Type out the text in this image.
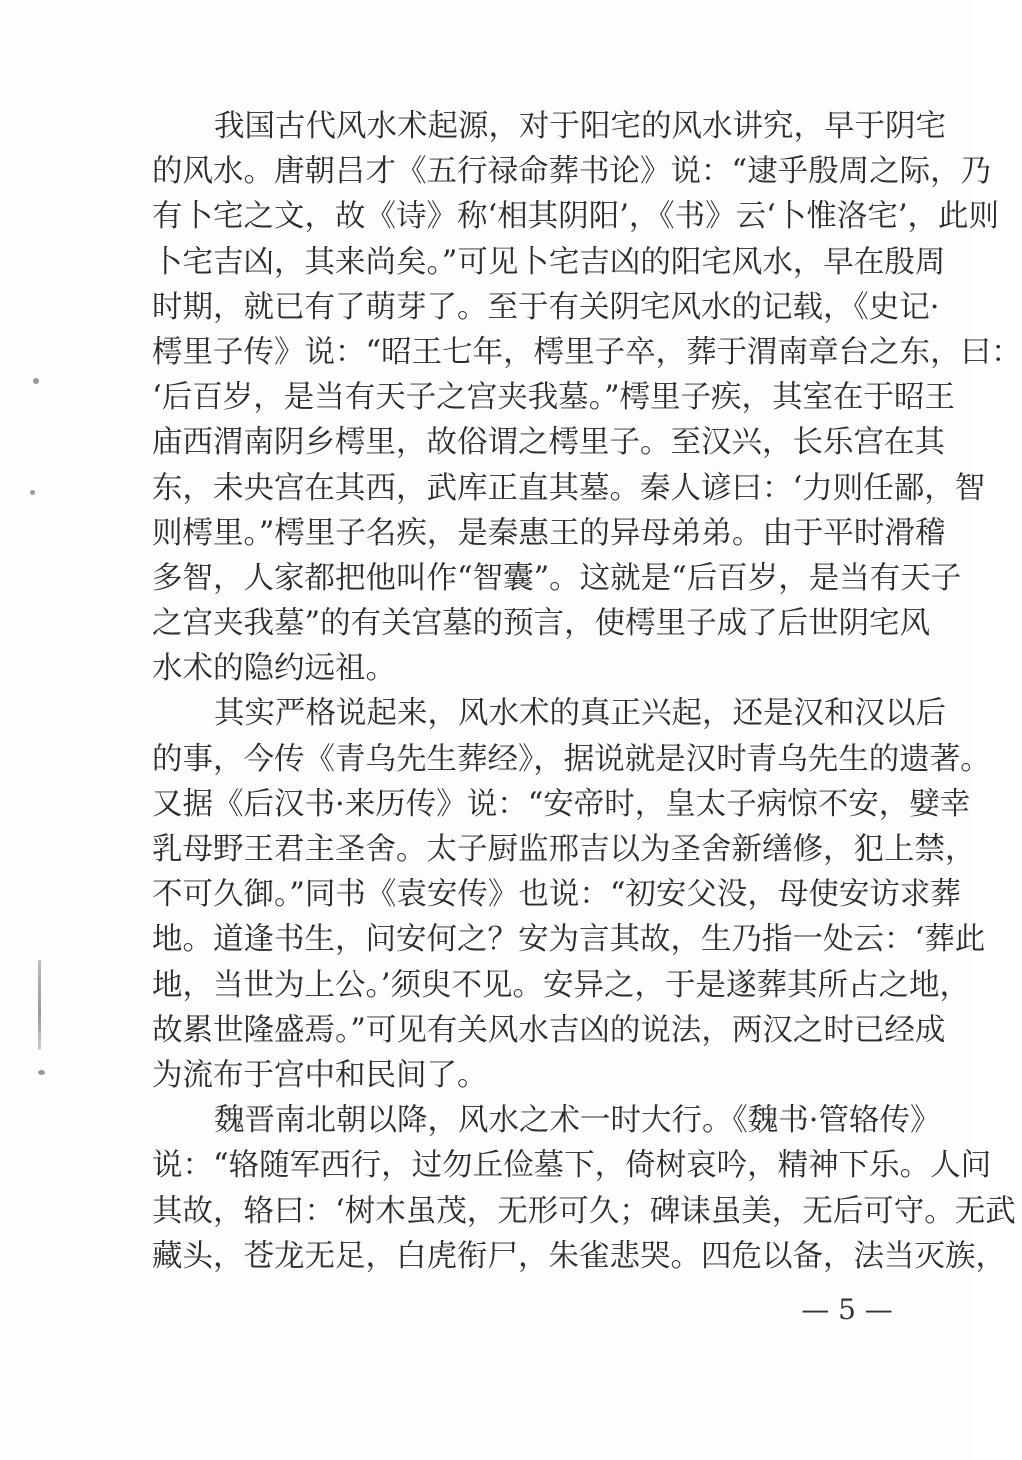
我国古代风水术起源，对于阳宅的风水讲究，早于阴宅
的风水。唐朝吕才《五行禄命葬书论》说：“逮乎殷周之际，乃
有卜宅之文，故《诗》称‘相其阴阳’，《书》云‘卜惟洛宅’，此则
卜宅吉凶，其来尚矣。”可见卜宅吉凶的阳宅风水，早在殷周
时期，就已有了萌芽了。至于有关阴宅风水的记载，《史记·
樗里子传》说：“昭王七年，樗里子卒，葬于渭南章台之东，曰：
‘后百岁，是当有天子之宫夹我墓。”樗里子疾，其室在于昭王
庙西渭南阴乡樗里，故俗谓之樗里子。至汉兴，长乐宫在其
东，未央宫在其西，武库正直其墓。秦人谚曰：‘力则任鄙，智
则樗里。”樗里子名疾，是秦惠王的异母弟弟。由于平时滑稽
多智，人家都把他叫作“智囊”。这就是“后百岁，是当有天子
之宫夹我墓”的有关宫墓的预言，使樗里子成了后世阴宅风
水术的隐约远祖。
其实严格说起来，风水术的真正兴起，还是汉和汉以后
的事，今传《青乌先生葬经》，据说就是汉时青乌先生的遗著。
又据《后汉书·来历传》说：“安帝时，皇太子病惊不安，嬖幸
乳母野王君主圣舍。太子厨监邢吉以为圣舍新缮修，犯上禁，
不可久御。”同书《袁安传》也说：“初安父没，母使安访求葬
地。道逢书生，问安何之？安为言其故，生乃指一处云：‘葬此
地，当世为上公。’须臾不见。安异之，于是遂葬其所占之地，
故累世隆盛焉。”可见有关风水吉凶的说法，两汉之时已经成
为流布于宫中和民间了。
魏晋南北朝以降，风水之术一时大行。《魏书·管辂传》
说：“辂随军西行，过勿丘俭墓下，倚树哀吟，精神下乐。人问
其故，辂曰：‘树木虽茂，无形可久；碑诔虽美，无后可守。无武
藏头，苍龙无足，白虎衔尸，朱雀悲哭。四危以备，法当灭族，
— 5 —
